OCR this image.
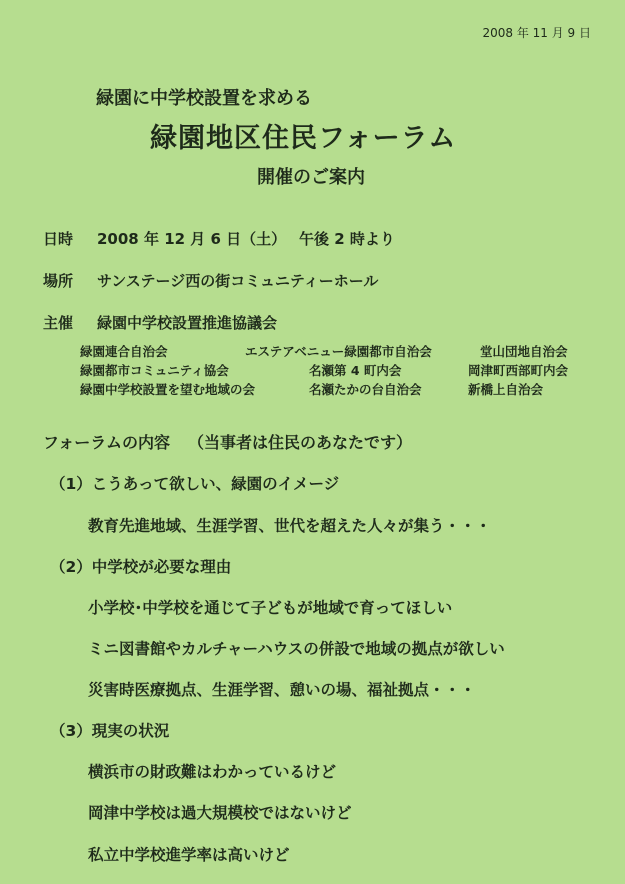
2008 年 11 月 9 日
緑園に中学校設置を求める
緑園地区住民フォーラム
開催のご案内
日時 2008 年 12 月 6 日（土） 午後 2 時より
場所 サンステージ西の街コミュニティーホール
主催 緑園中学校設置推進協議会
緑園連合自治会
緑園都市コミュニティ協会
緑園中学校設置を望む地域の会
エステアベニュー緑園都市自治会
名瀬第 4 町内会
名瀬たかの台自治会
堂山団地自治会
岡津町西部町内会
新橋上自治会
フォーラムの内容 （当事者は住民のあなたです）
（1）こうあって欲しい、緑園のイメージ
教育先進地域、生涯学習、世代を超えた人々が集う・・・
（2）中学校が必要な理由
小学校･中学校を通じて子どもが地域で育ってほしい
ミニ図書館やカルチャーハウスの併設で地域の拠点が欲しい
災害時医療拠点、生涯学習、憩いの場、福祉拠点・・・
（3）現実の状況
横浜市の財政難はわかっているけど
岡津中学校は過大規模校ではないけど
私立中学校進学率は高いけど
